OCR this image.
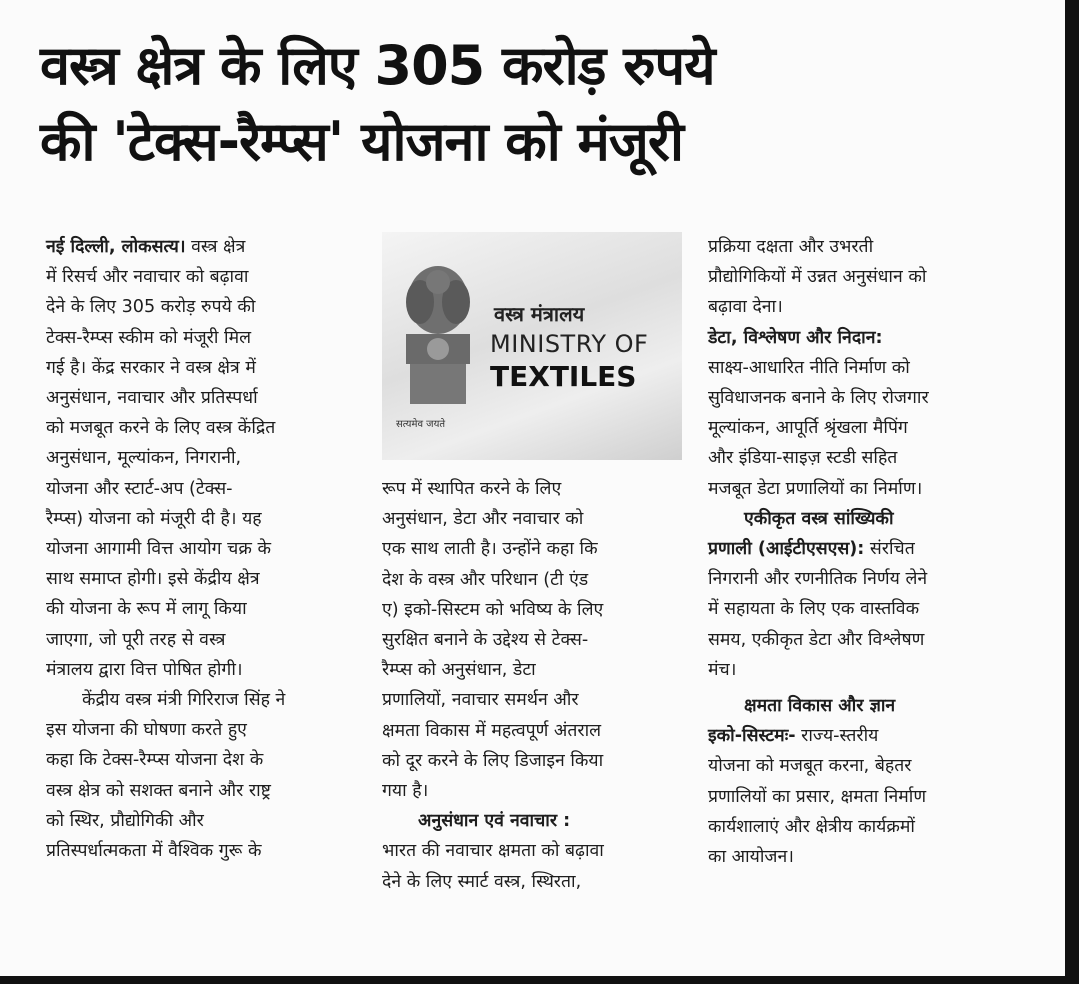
वस्त्र क्षेत्र के लिए 305 करोड़ रुपये
की 'टेक्स-रैम्प्स' योजना को मंजूरी

नई दिल्ली, लोकसत्य। वस्त्र क्षेत्र
में रिसर्च और नवाचार को बढ़ावा
देने के लिए 305 करोड़ रुपये की
टेक्स-रैम्प्स स्कीम को मंजूरी मिल
गई है। केंद्र सरकार ने वस्त्र क्षेत्र में
अनुसंधान, नवाचार और प्रतिस्पर्धा
को मजबूत करने के लिए वस्त्र केंद्रित
अनुसंधान, मूल्यांकन, निगरानी,
योजना और स्टार्ट-अप (टेक्स-
रैम्प्स) योजना को मंजूरी दी है। यह
योजना आगामी वित्त आयोग चक्र के
साथ समाप्त होगी। इसे केंद्रीय क्षेत्र
की योजना के रूप में लागू किया
जाएगा, जो पूरी तरह से वस्त्र
मंत्रालय द्वारा वित्त पोषित होगी।

केंद्रीय वस्त्र मंत्री गिरिराज सिंह ने
इस योजना की घोषणा करते हुए
कहा कि टेक्स-रैम्प्स योजना देश के
वस्त्र क्षेत्र को सशक्त बनाने और राष्ट्र
को स्थिर, प्रौद्योगिकी और
प्रतिस्पर्धात्मकता में वैश्विक गुरू के

सत्यमेव जयते
वस्त्र मंत्रालय
MINISTRY OF
TEXTILES

रूप में स्थापित करने के लिए
अनुसंधान, डेटा और नवाचार को
एक साथ लाती है। उन्होंने कहा कि
देश के वस्त्र और परिधान (टी एंड
ए) इको-सिस्टम को भविष्य के लिए
सुरक्षित बनाने के उद्देश्य से टेक्स-
रैम्प्स को अनुसंधान, डेटा
प्रणालियों, नवाचार समर्थन और
क्षमता विकास में महत्वपूर्ण अंतराल
को दूर करने के लिए डिजाइन किया
गया है।

अनुसंधान एवं नवाचार :

भारत की नवाचार क्षमता को बढ़ावा
देने के लिए स्मार्ट वस्त्र, स्थिरता,

प्रक्रिया दक्षता और उभरती
प्रौद्योगिकियों में उन्नत अनुसंधान को
बढ़ावा देना।

डेटा, विश्लेषण और निदान:

साक्ष्य-आधारित नीति निर्माण को
सुविधाजनक बनाने के लिए रोजगार
मूल्यांकन, आपूर्ति श्रृंखला मैपिंग
और इंडिया-साइज़ स्टडी सहित
मजबूत डेटा प्रणालियों का निर्माण।

एकीकृत वस्त्र सांख्यिकी
प्रणाली (आईटीएसएस): संरचित
निगरानी और रणनीतिक निर्णय लेने
में सहायता के लिए एक वास्तविक
समय, एकीकृत डेटा और विश्लेषण
मंच।

क्षमता विकास और ज्ञान
इको-सिस्टमः- राज्य-स्तरीय
योजना को मजबूत करना, बेहतर
प्रणालियों का प्रसार, क्षमता निर्माण
कार्यशालाएं और क्षेत्रीय कार्यक्रमों
का आयोजन।
